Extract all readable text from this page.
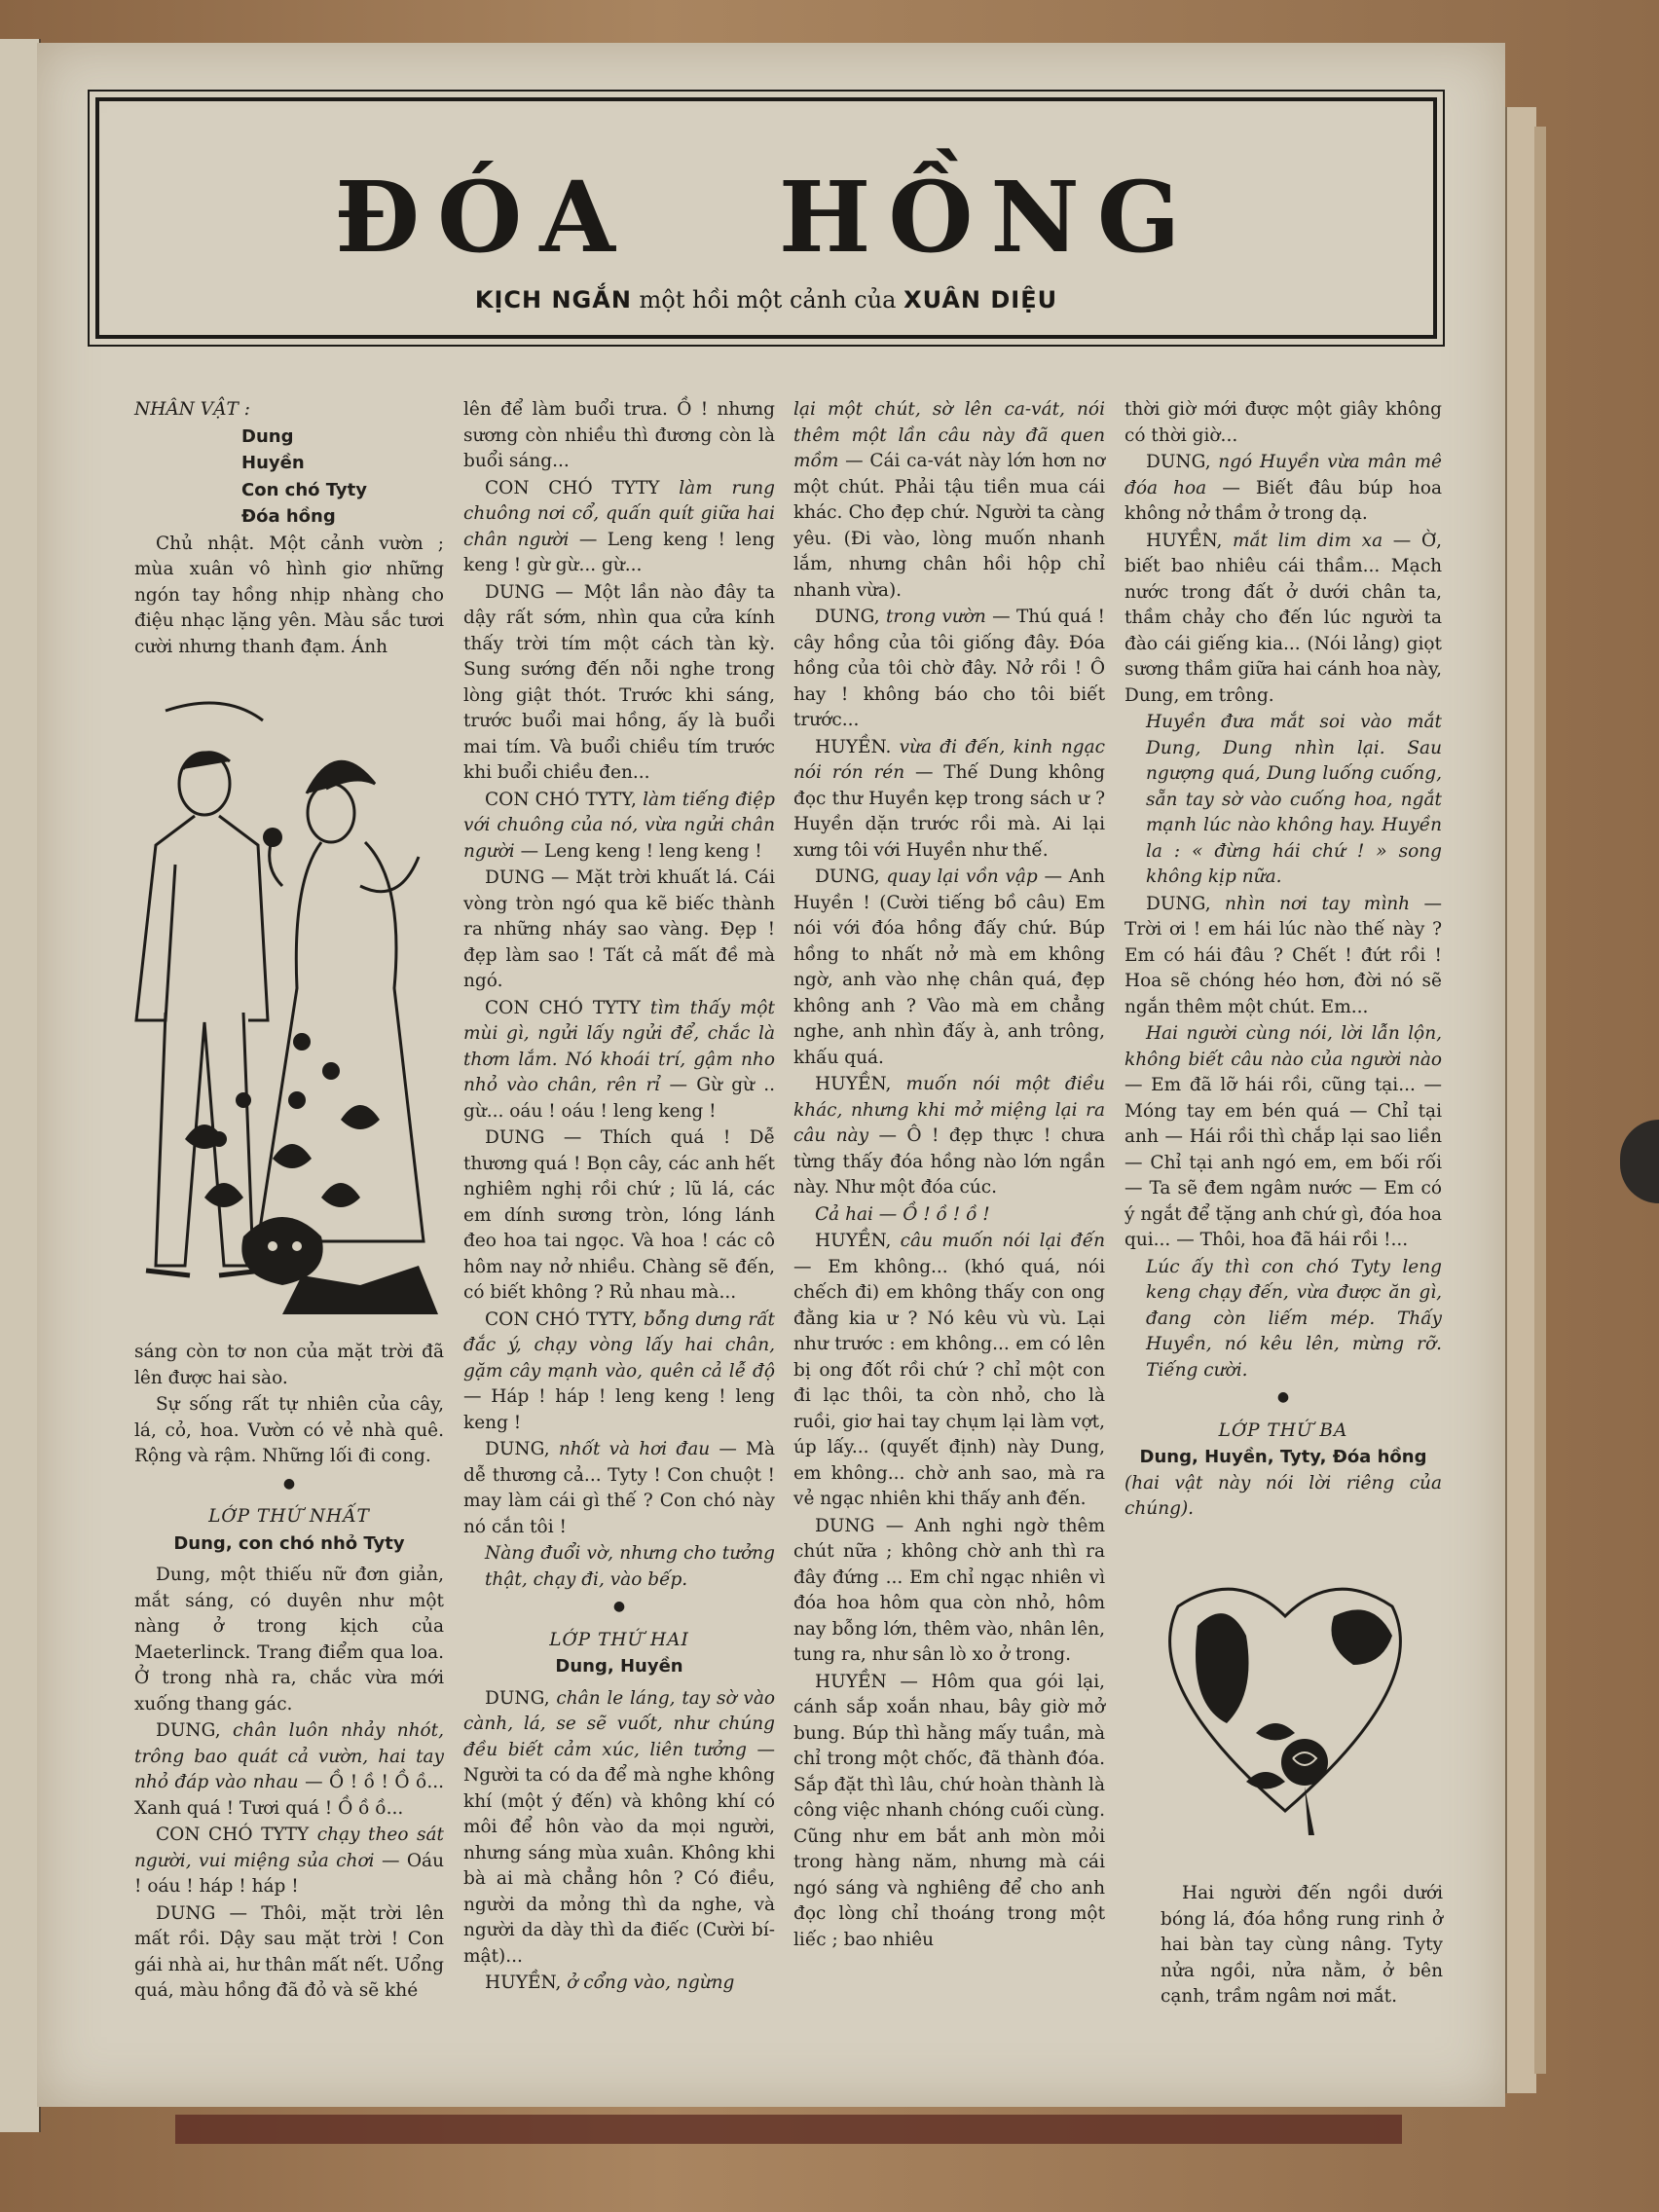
ĐÓA HỒNG
KỊCH NGẮN một hồi một cảnh của XUÂN DIỆU

NHÂN VẬT :

Dung

Huyền

Con chó Tyty

Đóa hồng

Chủ nhật. Một cảnh vườn ; mùa xuân vô hình giơ những ngón tay hồng nhịp nhàng cho điệu nhạc lặng yên. Màu sắc tươi cười nhưng thanh đạm. Ánh

sáng còn tơ non của mặt trời đã lên được hai sào.

Sự sống rất tự nhiên của cây, lá, cỏ, hoa. Vườn có vẻ nhà quê. Rộng và rậm. Những lối đi cong.

●

LỚP THỨ NHẤT

Dung, con chó nhỏ Tyty

Dung, một thiếu nữ đơn giản, mắt sáng, có duyên như một nàng ở trong kịch của Maeterlinck. Trang điểm qua loa. Ở trong nhà ra, chắc vừa mới xuống thang gác.

DUNG, chân luôn nhảy nhót, trông bao quát cả vườn, hai tay nhỏ đáp vào nhau — Ồ ! ồ ! Ồ ồ... Xanh quá ! Tươi quá ! Ồ ồ ồ...

CON CHÓ TYTY chạy theo sát người, vui miệng sủa chơi — Oáu ! oáu ! háp ! háp !

DUNG — Thôi, mặt trời lên mất rồi. Dậy sau mặt trời ! Con gái nhà ai, hư thân mất nết. Uổng quá, màu hồng đã đỏ và sẽ khé

lên để làm buổi trưa. Ồ ! nhưng sương còn nhiều thì đương còn là buổi sáng...

CON CHÓ TYTY làm rung chuông nơi cổ, quấn quít giữa hai chân người — Leng keng ! leng keng ! gừ gừ... gừ...

DUNG — Một lần nào đây ta dậy rất sớm, nhìn qua cửa kính thấy trời tím một cách tàn kỳ. Sung sướng đến nỗi nghe trong lòng giật thót. Trước khi sáng, trước buổi mai hồng, ấy là buổi mai tím. Và buổi chiều tím trước khi buổi chiều đen...

CON CHÓ TYTY, làm tiếng điệp với chuông của nó, vừa ngửi chân người — Leng keng ! leng keng !

DUNG — Mặt trời khuất lá. Cái vòng tròn ngó qua kẽ biếc thành ra những nháy sao vàng. Đẹp ! đẹp làm sao ! Tất cả mất đề mà ngó.

CON CHÓ TYTY tìm thấy một mùi gì, ngửi lấy ngửi để, chắc là thơm lắm. Nó khoái trí, gậm nho nhỏ vào chân, rên rỉ — Gừ gừ .. gừ... oáu ! oáu ! leng keng !

DUNG — Thích quá ! Dễ thương quá ! Bọn cây, các anh hết nghiêm nghị rồi chứ ; lũ lá, các em dính sương tròn, lóng lánh đeo hoa tai ngọc. Và hoa ! các cô hôm nay nở nhiều. Chàng sẽ đến, có biết không ? Rủ nhau mà...

CON CHÓ TYTY, bỗng dưng rất đắc ý, chạy vòng lấy hai chân, gặm cây mạnh vào, quên cả lễ độ — Háp ! háp ! leng keng ! leng keng !

DUNG, nhốt và hơi đau — Mà dễ thương cả... Tyty ! Con chuột ! may làm cái gì thế ? Con chó này nó cắn tôi !

Nàng đuổi vờ, nhưng cho tưởng thật, chạy đi, vào bếp.

●

LỚP THỨ HAI

Dung, Huyền

DUNG, chân le láng, tay sờ vào cành, lá, se sẽ vuốt, như chúng đều biết cảm xúc, liên tưởng — Người ta có da để mà nghe không khí (một ý đến) và không khí có môi để hôn vào da mọi người, nhưng sáng mùa xuân. Không khi bà ai mà chẳng hôn ? Có điều, người da mỏng thì da nghe, và người da dày thì da điếc (Cười bí-mật)...

HUYỀN, ở cổng vào, ngừng

lại một chút, sờ lên ca-vát, nói thêm một lần câu này đã quen mồm — Cái ca-vát này lớn hơn nơ một chút. Phải tậu tiền mua cái khác. Cho đẹp chứ. Người ta càng yêu. (Đi vào, lòng muốn nhanh lắm, nhưng chân hồi hộp chỉ nhanh vừa).

DUNG, trong vườn — Thú quá ! cây hồng của tôi giống đây. Đóa hồng của tôi chờ đây. Nở rồi ! Ô hay ! không báo cho tôi biết trước...

HUYỀN. vừa đi đến, kinh ngạc nói rón rén — Thế Dung không đọc thư Huyền kẹp trong sách ư ? Huyền dặn trước rồi mà. Ai lại xưng tôi với Huyền như thế.

DUNG, quay lại vồn vập — Anh Huyền ! (Cười tiếng bồ câu) Em nói với đóa hồng đấy chứ. Búp hồng to nhất nở mà em không ngờ, anh vào nhẹ chân quá, đẹp không anh ? Vào mà em chẳng nghe, anh nhìn đấy à, anh trông, khấu quá.

HUYỀN, muốn nói một điều khác, nhưng khi mở miệng lại ra câu này — Ô ! đẹp thực ! chưa từng thấy đóa hồng nào lớn ngần này. Như một đóa cúc.

Cả hai — Ồ ! ồ ! ồ !

HUYỀN, câu muốn nói lại đến — Em không... (khó quá, nói chếch đi) em không thấy con ong đằng kia ư ? Nó kêu vù vù. Lại như trước : em không... em có lên bị ong đốt rồi chứ ? chỉ một con đi lạc thôi, ta còn nhỏ, cho là ruồi, giơ hai tay chụm lại làm vợt, úp lấy... (quyết định) này Dung, em không... chờ anh sao, mà ra vẻ ngạc nhiên khi thấy anh đến.

DUNG — Anh nghi ngờ thêm chút nữa ; không chờ anh thì ra đây đứng ... Em chỉ ngạc nhiên vì đóa hoa hôm qua còn nhỏ, hôm nay bỗng lớn, thêm vào, nhân lên, tung ra, như sân lò xo ở trong.

HUYỀN — Hôm qua gói lại, cánh sắp xoắn nhau, bây giờ mở bung. Búp thì hằng mấy tuần, mà chỉ trong một chốc, đã thành đóa. Sắp đặt thì lâu, chứ hoàn thành là công việc nhanh chóng cuối cùng. Cũng như em bắt anh mòn mỏi trong hàng năm, nhưng mà cái ngó sáng và nghiêng để cho anh đọc lòng chỉ thoáng trong một liếc ; bao nhiêu

thời giờ mới được một giây không có thời giờ...

DUNG, ngó Huyền vừa mân mê đóa hoa — Biết đâu búp hoa không nở thầm ở trong dạ.

HUYỀN, mắt lim dim xa — Ờ, biết bao nhiêu cái thầm... Mạch nước trong đất ở dưới chân ta, thầm chảy cho đến lúc người ta đào cái giếng kia... (Nói lảng) giọt sương thầm giữa hai cánh hoa này, Dung, em trông.

Huyền đưa mắt soi vào mắt Dung, Dung nhìn lại. Sau ngượng quá, Dung luống cuống, sẵn tay sờ vào cuống hoa, ngắt mạnh lúc nào không hay. Huyền la : « đừng hái chứ ! » song không kịp nữa.

DUNG, nhìn nơi tay mình — Trời ơi ! em hái lúc nào thế này ? Em có hái đâu ? Chết ! đứt rồi ! Hoa sẽ chóng héo hơn, đời nó sẽ ngắn thêm một chút. Em...

Hai người cùng nói, lời lẫn lộn, không biết câu nào của người nào — Em đã lỡ hái rồi, cũng tại... — Móng tay em bén quá — Chỉ tại anh — Hái rồi thì chắp lại sao liền — Chỉ tại anh ngó em, em bối rối — Ta sẽ đem ngâm nước — Em có ý ngắt để tặng anh chứ gì, đóa hoa qui... — Thôi, hoa đã hái rồi !...

Lúc ấy thì con chó Tyty leng keng chạy đến, vừa được ăn gì, đang còn liếm mép. Thấy Huyền, nó kêu lên, mừng rỡ. Tiếng cười.

●

LỚP THỨ BA

Dung, Huyền, Tyty, Đóa hồng

(hai vật này nói lời riêng của chúng).

Hai người đến ngồi dưới bóng lá, đóa hồng rung rinh ở hai bàn tay cùng nâng. Tyty nửa ngồi, nửa nằm, ở bên cạnh, trầm ngâm nơi mắt.
